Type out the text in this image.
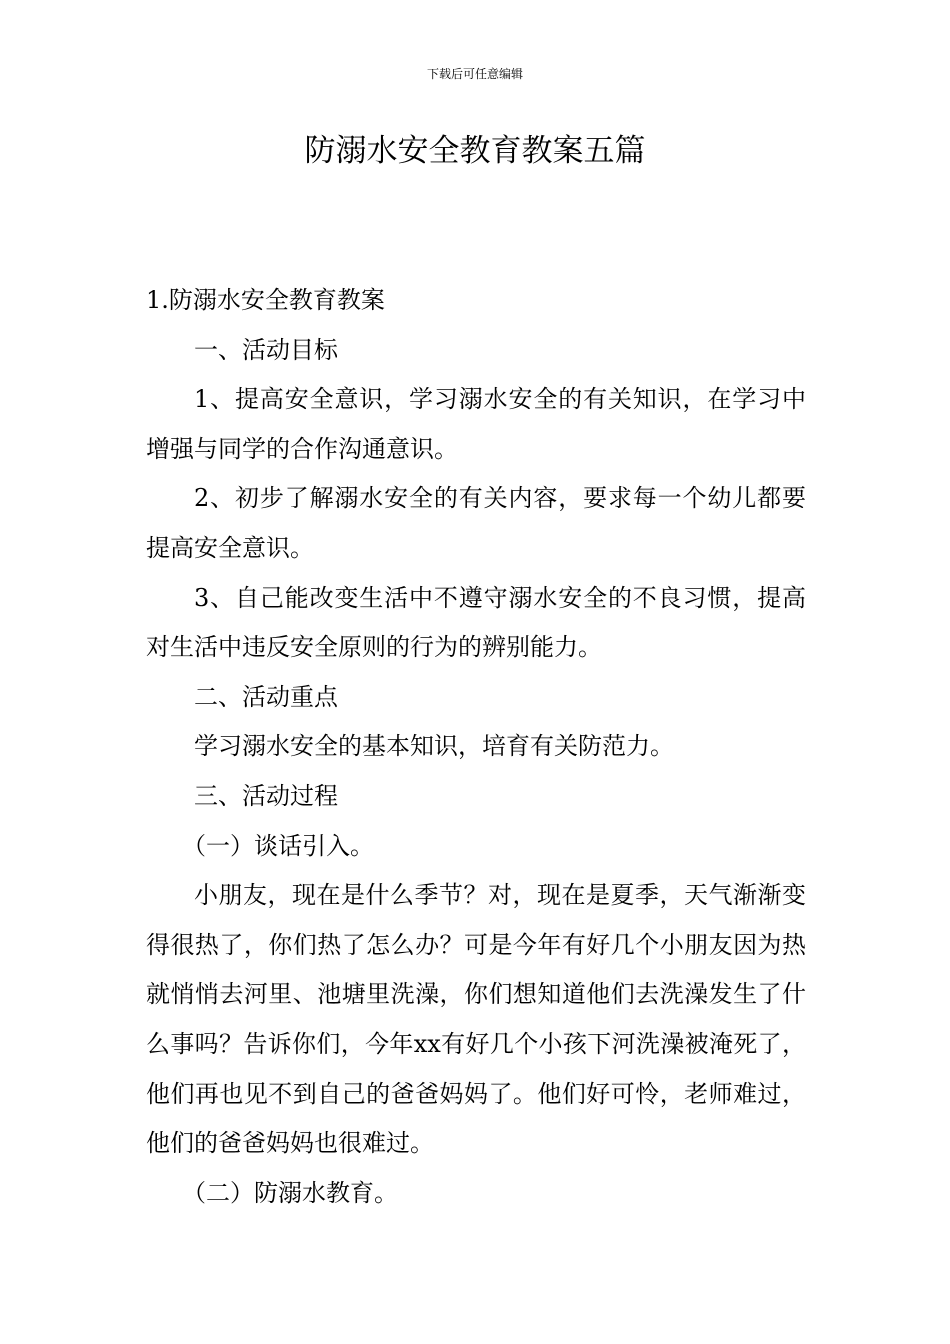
下载后可任意编辑
防溺水安全教育教案五篇

1.防溺水安全教育教案

一、活动目标

1、提高安全意识，学习溺水安全的有关知识，在学习中增强与同学的合作沟通意识。

2、初步了解溺水安全的有关内容，要求每一个幼儿都要提高安全意识。

3、自己能改变生活中不遵守溺水安全的不良习惯，提高对生活中违反安全原则的行为的辨别能力。

二、活动重点

学习溺水安全的基本知识，培育有关防范力。

三、活动过程

（一）谈话引入。

小朋友，现在是什么季节？对，现在是夏季，天气渐渐变得很热了，你们热了怎么办？可是今年有好几个小朋友因为热就悄悄去河里、池塘里洗澡，你们想知道他们去洗澡发生了什么事吗？告诉你们，今年xx有好几个小孩下河洗澡被淹死了，他们再也见不到自己的爸爸妈妈了。他们好可怜，老师难过，他们的爸爸妈妈也很难过。

（二）防溺水教育。
